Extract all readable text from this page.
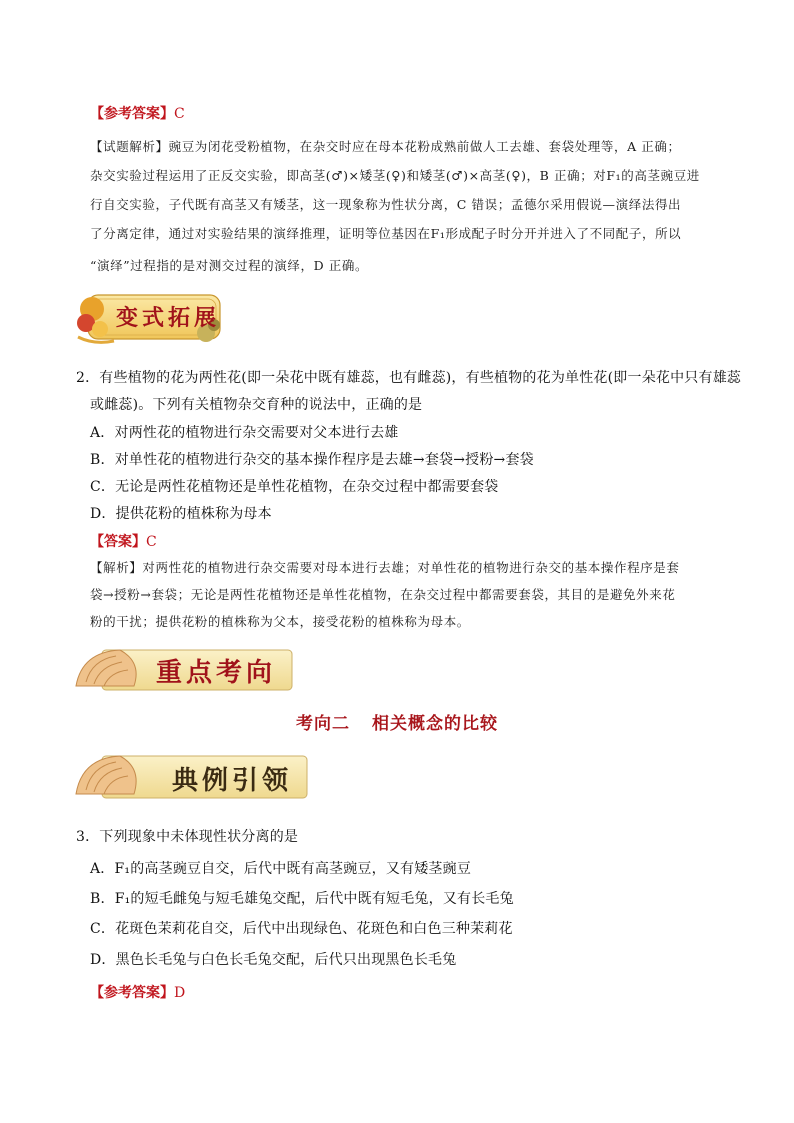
【参考答案】C
【试题解析】豌豆为闭花受粉植物，在杂交时应在母本花粉成熟前做人工去雄、套袋处理等，A 正确；
杂交实验过程运用了正反交实验，即高茎(♂)×矮茎(♀)和矮茎(♂)×高茎(♀)，B 正确；对F₁的高茎豌豆进
行自交实验，子代既有高茎又有矮茎，这一现象称为性状分离，C 错误；孟德尔采用假说—演绎法得出
了分离定律，通过对实验结果的演绎推理，证明等位基因在F₁形成配子时分开并进入了不同配子，所以
“演绎”过程指的是对测交过程的演绎，D 正确。
变式拓展
2．有些植物的花为两性花(即一朵花中既有雄蕊，也有雌蕊)，有些植物的花为单性花(即一朵花中只有雄蕊
或雌蕊)。下列有关植物杂交育种的说法中，正确的是
A．对两性花的植物进行杂交需要对父本进行去雄
B．对单性花的植物进行杂交的基本操作程序是去雄→套袋→授粉→套袋
C．无论是两性花植物还是单性花植物，在杂交过程中都需要套袋
D．提供花粉的植株称为母本
【答案】C
【解析】对两性花的植物进行杂交需要对母本进行去雄；对单性花的植物进行杂交的基本操作程序是套
袋→授粉→套袋；无论是两性花植物还是单性花植物，在杂交过程中都需要套袋，其目的是避免外来花
粉的干扰；提供花粉的植株称为父本，接受花粉的植株称为母本。
重点考向
考向二 相关概念的比较
典例引领
3．下列现象中未体现性状分离的是
A．F₁的高茎豌豆自交，后代中既有高茎豌豆，又有矮茎豌豆
B．F₁的短毛雌兔与短毛雄兔交配，后代中既有短毛兔，又有长毛兔
C．花斑色茉莉花自交，后代中出现绿色、花斑色和白色三种茉莉花
D．黑色长毛兔与白色长毛兔交配，后代只出现黑色长毛兔
【参考答案】D
